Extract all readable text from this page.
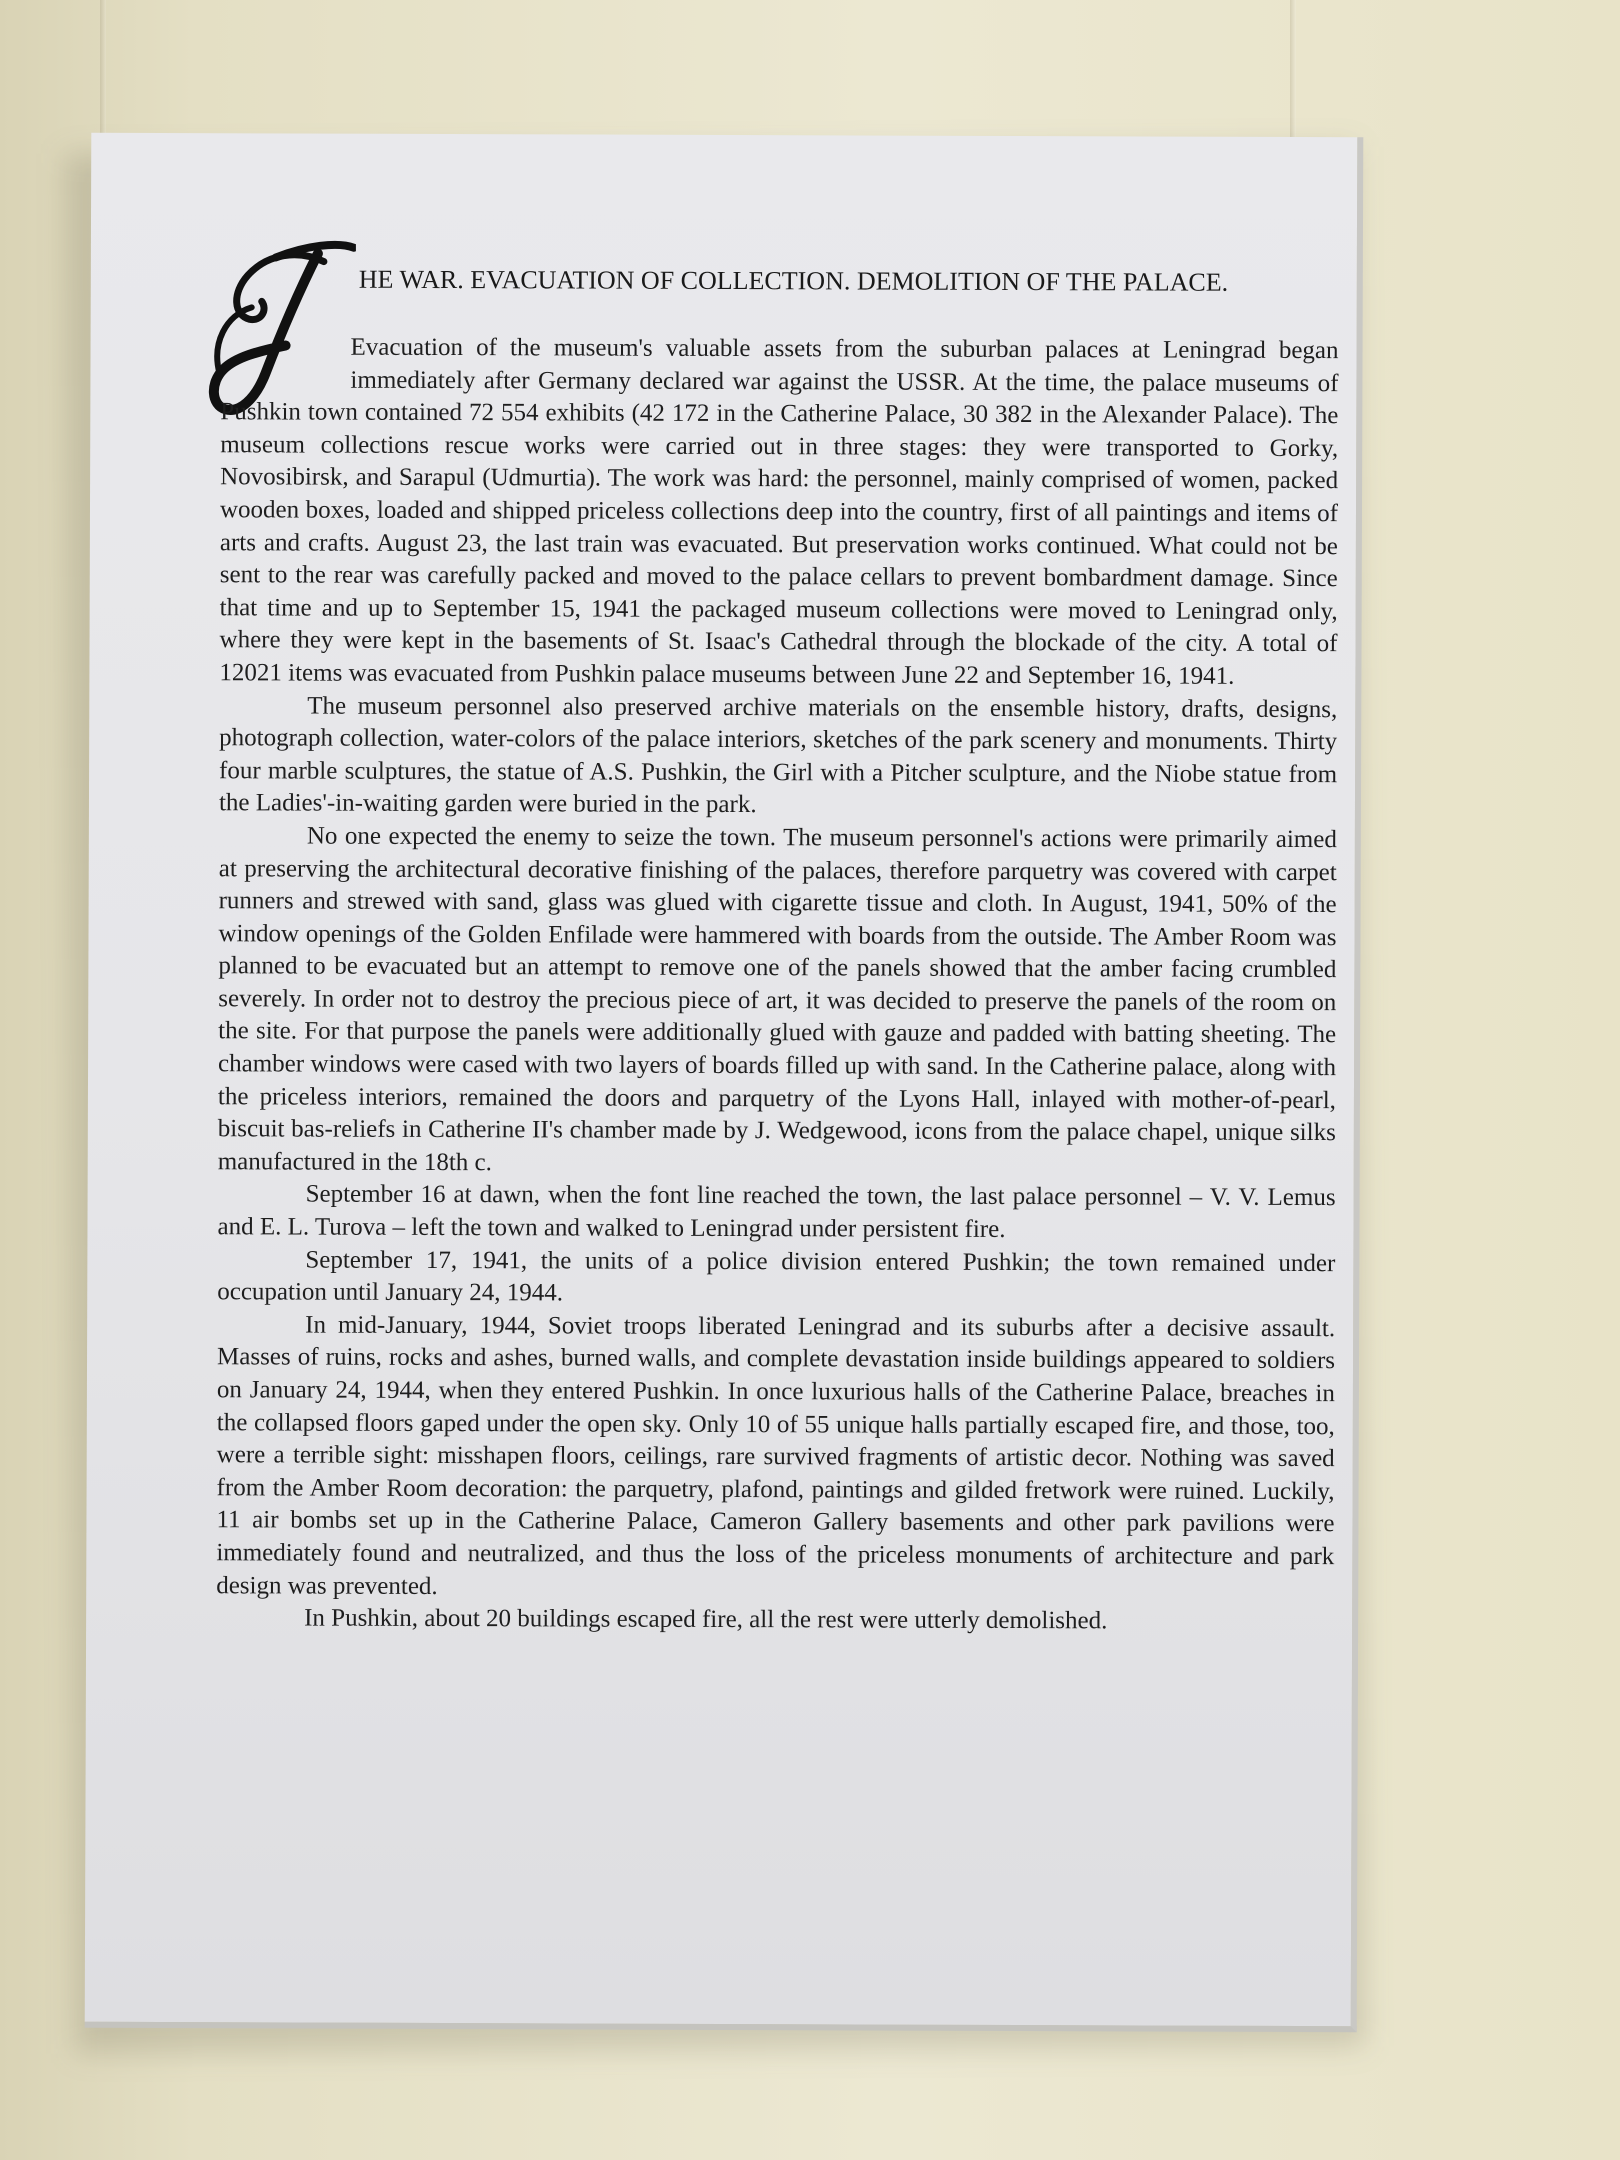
HE WAR. EVACUATION OF COLLECTION. DEMOLITION OF THE PALACE.

Evacuation of the museum's valuable assets from the suburban palaces at Leningrad began immediately after Germany declared war against the USSR. At the time, the palace museums of Pushkin town contained 72 554 exhibits (42 172 in the Catherine Palace, 30 382 in the Alexander Palace). The museum collections rescue works were carried out in three stages: they were transported to Gorky, Novosibirsk, and Sarapul (Udmurtia). The work was hard: the personnel, mainly comprised of women, packed wooden boxes, loaded and shipped priceless collections deep into the country, first of all paintings and items of arts and crafts. August 23, the last train was evacuated. But preservation works continued. What could not be sent to the rear was carefully packed and moved to the palace cellars to prevent bombardment damage. Since that time and up to September 15, 1941 the packaged museum collections were moved to Leningrad only, where they were kept in the basements of St. Isaac's Cathedral through the blockade of the city. A total of 12021 items was evacuated from Pushkin palace museums between June 22 and September 16, 1941.

The museum personnel also preserved archive materials on the ensemble history, drafts, designs, photograph collection, water-colors of the palace interiors, sketches of the park scenery and monuments. Thirty four marble sculptures, the statue of A.S. Pushkin, the Girl with a Pitcher sculpture, and the Niobe statue from the Ladies'-in-waiting garden were buried in the park.

No one expected the enemy to seize the town. The museum personnel's actions were primarily aimed at preserving the architectural decorative finishing of the palaces, therefore parquetry was covered with carpet runners and strewed with sand, glass was glued with cigarette tissue and cloth. In August, 1941, 50% of the window openings of the Golden Enfilade were hammered with boards from the outside. The Amber Room was planned to be evacuated but an attempt to remove one of the panels showed that the amber facing crumbled severely. In order not to destroy the precious piece of art, it was decided to preserve the panels of the room on the site. For that purpose the panels were additionally glued with gauze and padded with batting sheeting. The chamber windows were cased with two layers of boards filled up with sand. In the Catherine palace, along with the priceless interiors, remained the doors and parquetry of the Lyons Hall, inlayed with mother-of-pearl, biscuit bas-reliefs in Catherine II's chamber made by J. Wedgewood, icons from the palace chapel, unique silks manufactured in the 18th c.

September 16 at dawn, when the font line reached the town, the last palace personnel – V. V. Lemus and E. L. Turova – left the town and walked to Leningrad under persistent fire.

September 17, 1941, the units of a police division entered Pushkin; the town remained under occupation until January 24, 1944.

In mid-January, 1944, Soviet troops liberated Leningrad and its suburbs after a decisive assault. Masses of ruins, rocks and ashes, burned walls, and complete devastation inside buildings appeared to soldiers on January 24, 1944, when they entered Pushkin. In once luxurious halls of the Catherine Palace, breaches in the collapsed floors gaped under the open sky. Only 10 of 55 unique halls partially escaped fire, and those, too, were a terrible sight: misshapen floors, ceilings, rare survived fragments of artistic decor. Nothing was saved from the Amber Room decoration: the parquetry, plafond, paintings and gilded fretwork were ruined. Luckily, 11 air bombs set up in the Catherine Palace, Cameron Gallery basements and other park pavilions were immediately found and neutralized, and thus the loss of the priceless monuments of architecture and park design was prevented.

In Pushkin, about 20 buildings escaped fire, all the rest were utterly demolished.
